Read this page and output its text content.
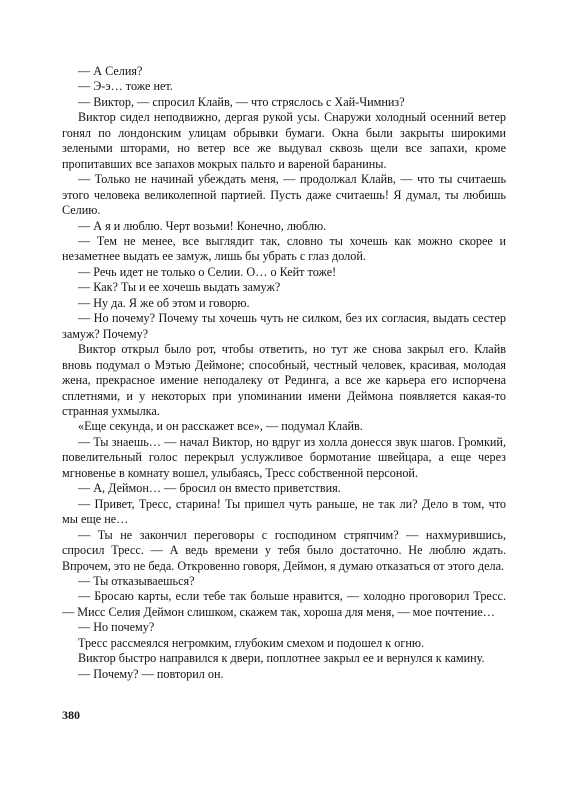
— А Селия?

— Э-э… тоже нет.

— Виктор, — спросил Клайв, — что стряслось с Хай-Чимниз?

Виктор сидел неподвижно, дергая рукой усы. Снаружи холодный осенний ветер гонял по лондонским улицам обрывки бумаги. Окна были закрыты широкими зелеными шторами, но ветер все же выдувал сквозь щели все запахи, кроме пропитавших все запахов мокрых пальто и вареной баранины.

— Только не начинай убеждать меня, — продолжал Клайв, — что ты считаешь этого человека великолепной партией. Пусть даже считаешь! Я думал, ты любишь Селию.

— А я и люблю. Черт возьми! Конечно, люблю.

— Тем не менее, все выглядит так, словно ты хочешь как можно скорее и незаметнее выдать ее замуж, лишь бы убрать с глаз долой.

— Речь идет не только о Селии. О… о Кейт тоже!

— Как? Ты и ее хочешь выдать замуж?

— Ну да. Я же об этом и говорю.

— Но почему? Почему ты хочешь чуть не силком, без их согласия, выдать сестер замуж? Почему?

Виктор открыл было рот, чтобы ответить, но тут же снова закрыл его. Клайв вновь подумал о Мэтью Деймоне; способный, честный человек, красивая, молодая жена, прекрасное имение неподалеку от Рединга, а все же карьера его испорчена сплетнями, и у некоторых при упоминании имени Деймона появляется какая-то странная ухмылка.

«Еще секунда, и он расскажет все», — подумал Клайв.

— Ты знаешь… — начал Виктор, но вдруг из холла донесся звук шагов. Громкий, повелительный голос перекрыл услужливое бормотание швейцара, а еще через мгновенье в комнату вошел, улыбаясь, Тресс собственной персоной.

— А, Деймон… — бросил он вместо приветствия.

— Привет, Тресс, старина! Ты пришел чуть раньше, не так ли? Дело в том, что мы еще не…

— Ты не закончил переговоры с господином стряпчим? — нахмурившись, спросил Тресс. — А ведь времени у тебя было достаточно. Не люблю ждать. Впрочем, это не беда. Откровенно говоря, Деймон, я думаю отказаться от этого дела.

— Ты отказываешься?

— Бросаю карты, если тебе так больше нравится, — холодно проговорил Тресс. — Мисс Селия Деймон слишком, скажем так, хороша для меня, — мое почтение…

— Но почему?

Тресс рассмеялся негромким, глубоким смехом и подошел к огню.

Виктор быстро направился к двери, поплотнее закрыл ее и вернулся к камину.

— Почему? — повторил он.

380
